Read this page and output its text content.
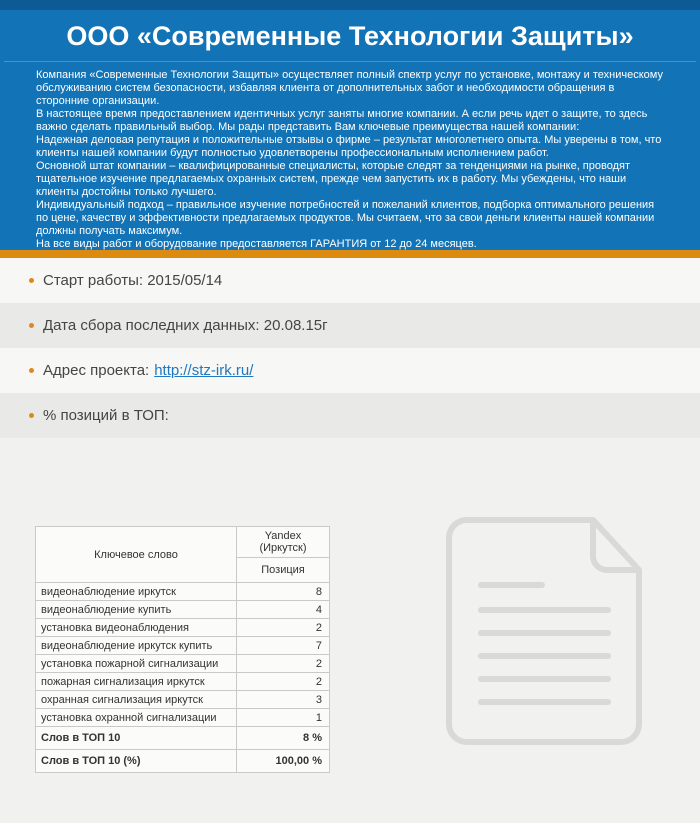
ООО «Современные Технологии Защиты»

Компания «Современные Технологии Защиты» осуществляет полный спектр услуг по установке, монтажу и техническому обслуживанию систем безопасности, избавляя клиента от дополнительных забот и необходимости обращения в сторонние организации.

В настоящее время предоставлением идентичных услуг заняты многие компании. А если речь идет о защите, то здесь важно сделать правильный выбор. Мы рады представить Вам ключевые преимущества нашей компании:

Надежная деловая репутация и положительные отзывы о фирме – результат многолетнего опыта. Мы уверены в том, что клиенты нашей компании будут полностью удовлетворены профессиональным исполнением работ.

Основной штат компании – квалифицированные специалисты, которые следят за тенденциями на рынке, проводят тщательное изучение предлагаемых охранных систем, прежде чем запустить их в работу. Мы убеждены, что наши клиенты достойны только лучшего.

Индивидуальный подход – правильное изучение потребностей и пожеланий клиентов, подборка оптимального решения по цене, качеству и эффективности предлагаемых продуктов. Мы считаем, что за свои деньги клиенты нашей компании должны получать максимум.

На все виды работ и оборудование предоставляется ГАРАНТИЯ от 12 до 24 месяцев.

Старт работы: 2015/05/14
Дата сбора последних данных: 20.08.15г
Адрес проекта: http://stz-irk.ru/
% позиций в ТОП:
Ключевое слово	Yandex
(Иркутск)

	Позиция
видеонаблюдение иркутск	8
видеонаблюдение купить	4
установка видеонаблюдения	2
видеонаблюдение иркутск купить	7
установка пожарной сигнализации	2
пожарная сигнализация иркутск	2
охранная сигнализация иркутск	3
установка охранной сигнализации	1
Слов в ТОП 10	8 %
Слов в ТОП 10 (%)	100,00 %
